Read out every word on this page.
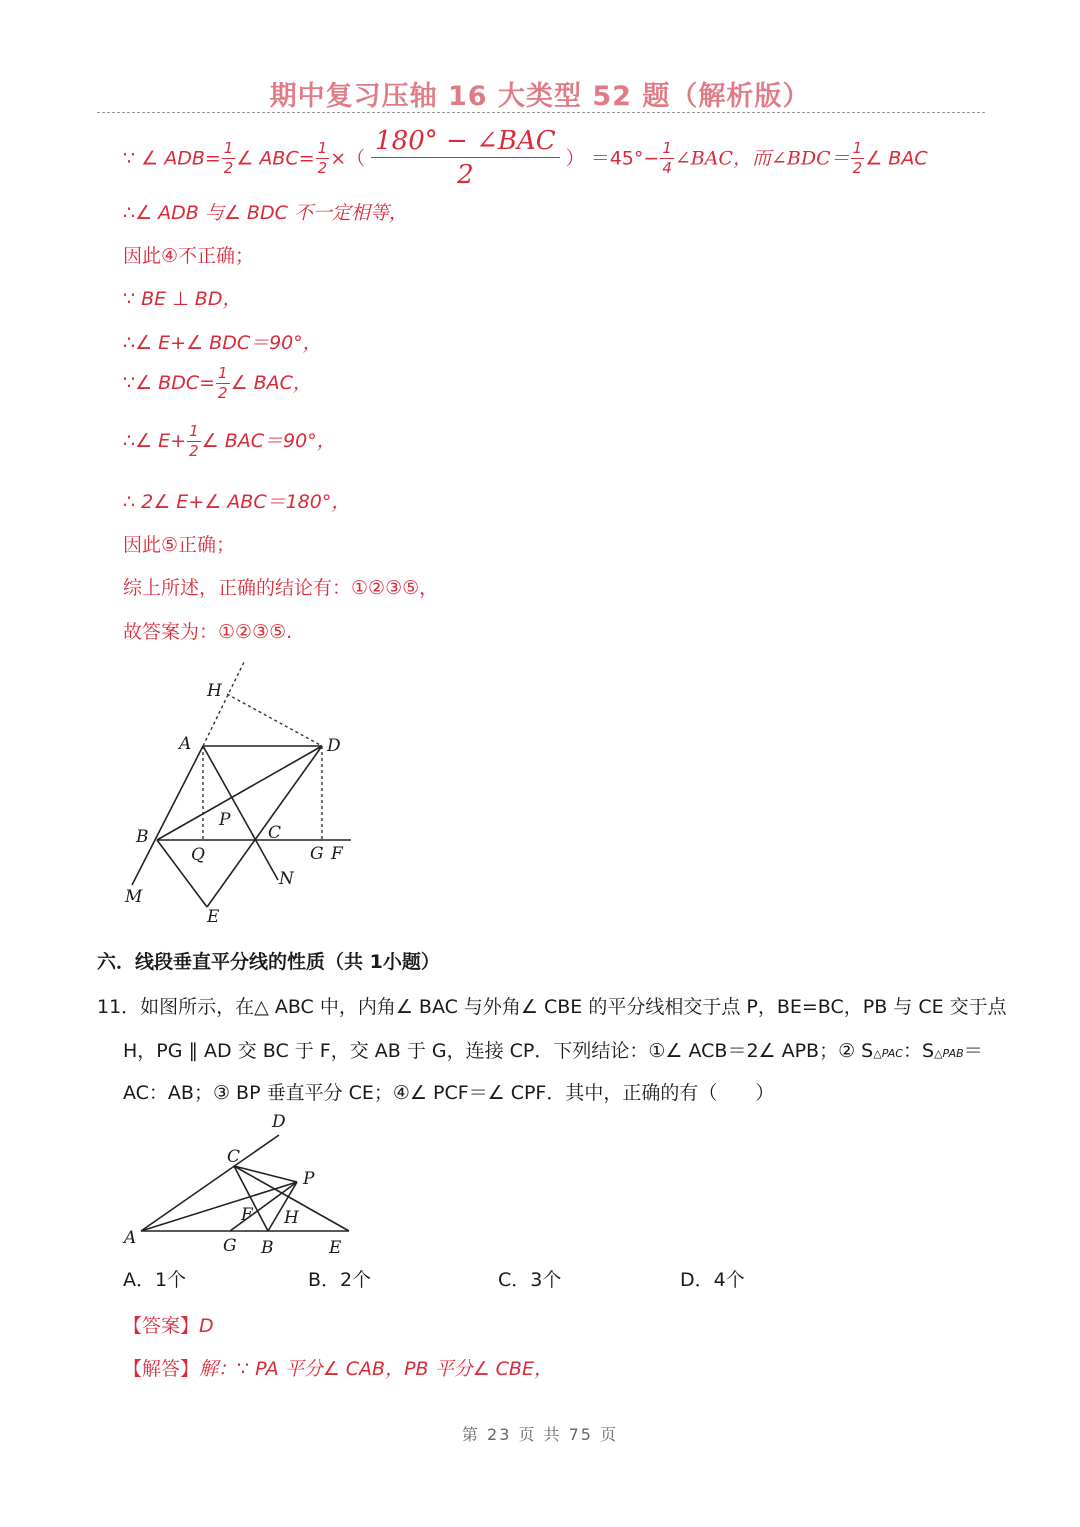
期中复习压轴 16 大类型 52 题（解析版）
∵ ∠ $ADB= \frac{1}{2}$ ∠ $ABC= \frac{1}{2}$ ×（ $\frac{\text{180° − ∠BAC}}{2}$ ） $=45^\circ- \frac{1}{4}$ ∠BAC，而∠BDC＝ $\frac{1}{2}$ ∠ BAC
∴∠ ADB 与∠ BDC 不一定相等，
因此④不正确；
∵ BE ⊥ BD，
∴∠ E+∠ BDC＝90°，
∵∠ $BDC= \frac{1}{2}$ ∠ BAC，
∴∠ $E+ \frac{1}{2}$ ∠ BAC＝90°，
∴ 2∠ E+∠ ABC＝180°，
因此⑤正确；
综上所述，正确的结论有：①②③⑤，
故答案为：①②③⑤.
H
A	D
P
B	C
Q	G F
N
M
E
六．线段垂直平分线的性质（共 1小题）
11．如图所示，在△ ABC 中，内角∠ BAC 与外角∠ CBE 的平分线相交于点 P，BE=BC，PB 与 CE 交于点
H，PG ∥ AD 交 BC 于 F，交 AB 于 G，连接 CP．下列结论：①∠ ACB＝2∠ APB；② S△PAC：S△PAB＝
AC：AB；③ BP 垂直平分 CE；④∠ PCF＝∠ CPF．其中，正确的有（　　）
D
C
P
F H
A	G B	E
A．1个	B．2个	C．3个	D．4个
【答案】D
【解答】解：∵ PA 平分∠ CAB，PB 平分∠ CBE，
第 23 页 共 75 页
